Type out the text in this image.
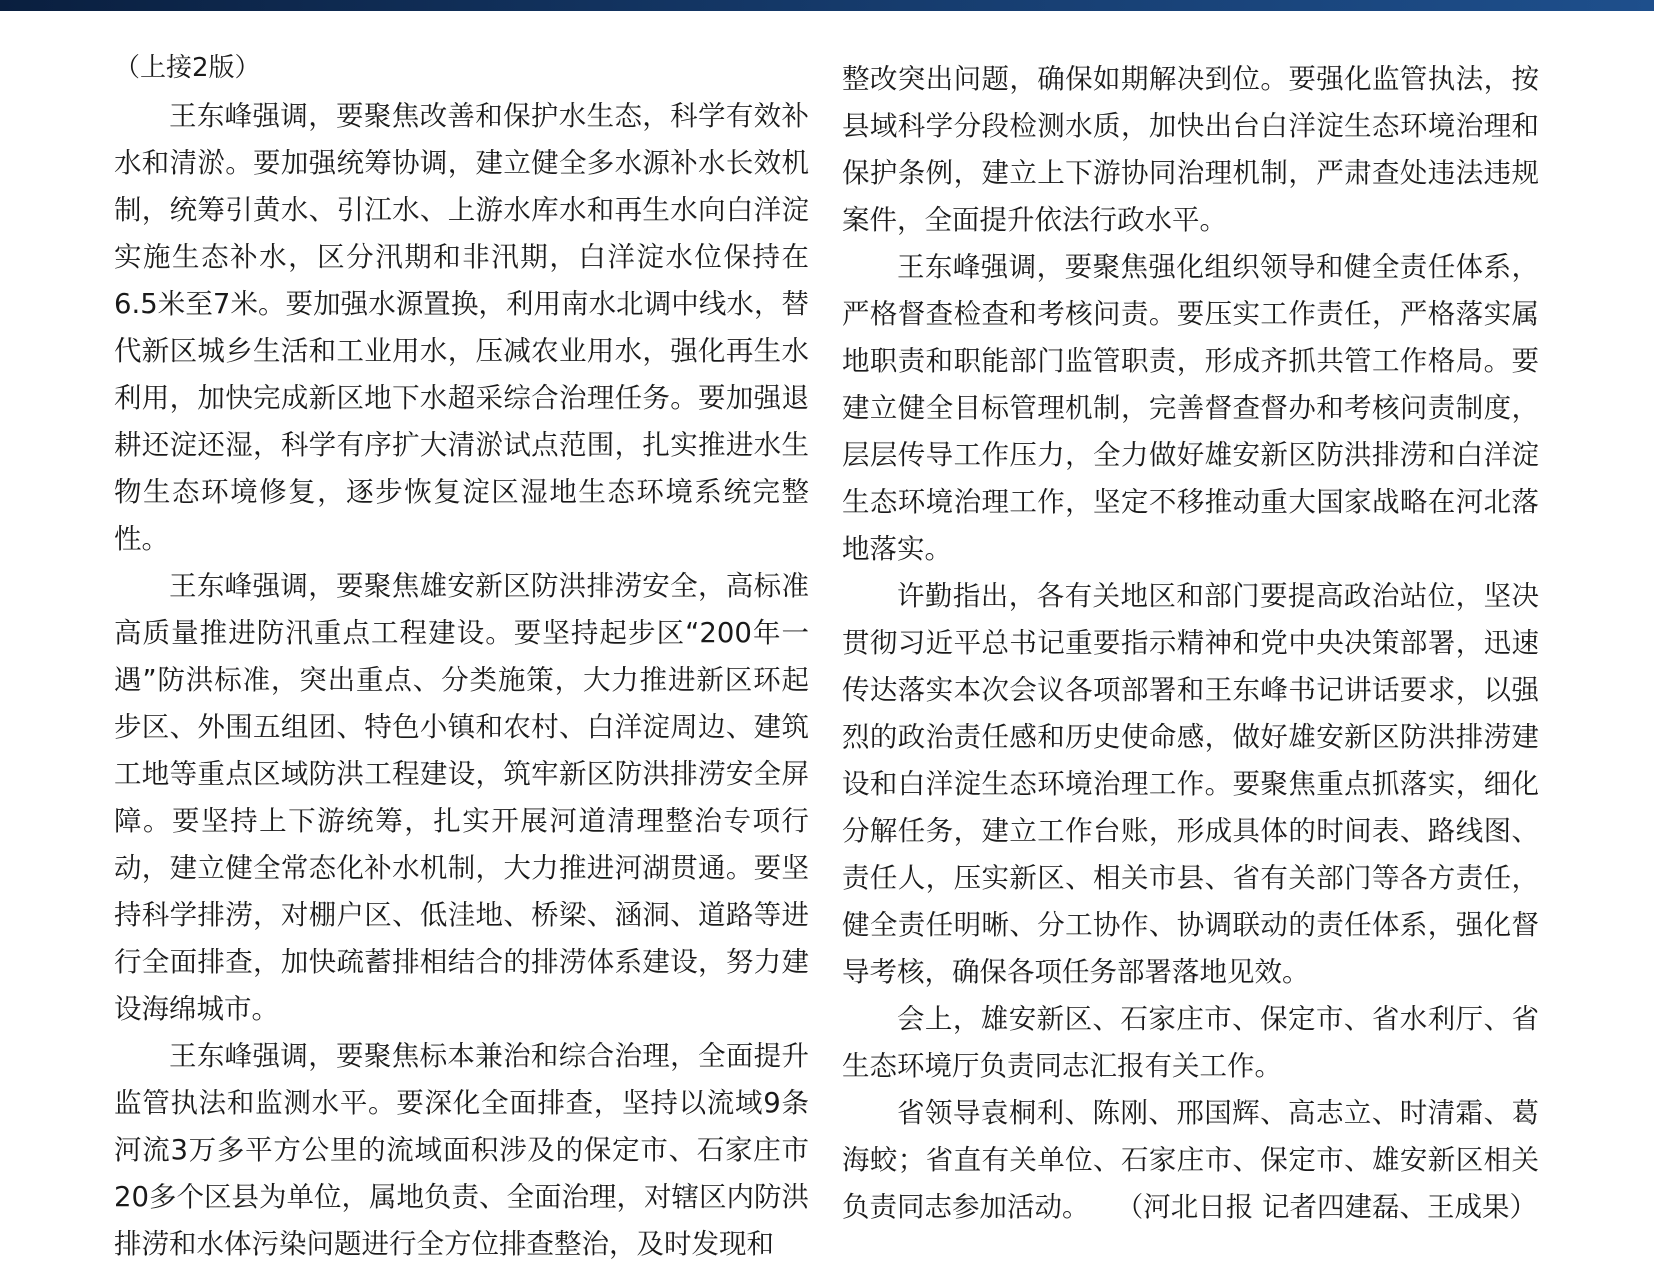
（上接2版）

王东峰强调，要聚焦改善和保护水生态，科学有效补水和清淤。要加强统筹协调，建立健全多水源补水长效机制，统筹引黄水、引江水、上游水库水和再生水向白洋淀实施生态补水，区分汛期和非汛期，白洋淀水位保持在6.5米至7米。要加强水源置换，利用南水北调中线水，替代新区城乡生活和工业用水，压减农业用水，强化再生水利用，加快完成新区地下水超采综合治理任务。要加强退耕还淀还湿，科学有序扩大清淤试点范围，扎实推进水生物生态环境修复，逐步恢复淀区湿地生态环境系统完整性。

王东峰强调，要聚焦雄安新区防洪排涝安全，高标准高质量推进防汛重点工程建设。要坚持起步区“200年一遇”防洪标准，突出重点、分类施策，大力推进新区环起步区、外围五组团、特色小镇和农村、白洋淀周边、建筑工地等重点区域防洪工程建设，筑牢新区防洪排涝安全屏障。要坚持上下游统筹，扎实开展河道清理整治专项行动，建立健全常态化补水机制，大力推进河湖贯通。要坚持科学排涝，对棚户区、低洼地、桥梁、涵洞、道路等进行全面排查，加快疏蓄排相结合的排涝体系建设，努力建设海绵城市。

王东峰强调，要聚焦标本兼治和综合治理，全面提升监管执法和监测水平。要深化全面排查，坚持以流域9条河流3万多平方公里的流域面积涉及的保定市、石家庄市20多个区县为单位，属地负责、全面治理，对辖区内防洪排涝和水体污染问题进行全方位排查整治，及时发现和

整改突出问题，确保如期解决到位。要强化监管执法，按县域科学分段检测水质，加快出台白洋淀生态环境治理和保护条例，建立上下游协同治理机制，严肃查处违法违规案件，全面提升依法行政水平。

王东峰强调，要聚焦强化组织领导和健全责任体系，严格督查检查和考核问责。要压实工作责任，严格落实属地职责和职能部门监管职责，形成齐抓共管工作格局。要建立健全目标管理机制，完善督查督办和考核问责制度，层层传导工作压力，全力做好雄安新区防洪排涝和白洋淀生态环境治理工作，坚定不移推动重大国家战略在河北落地落实。

许勤指出，各有关地区和部门要提高政治站位，坚决贯彻习近平总书记重要指示精神和党中央决策部署，迅速传达落实本次会议各项部署和王东峰书记讲话要求，以强烈的政治责任感和历史使命感，做好雄安新区防洪排涝建设和白洋淀生态环境治理工作。要聚焦重点抓落实，细化分解任务，建立工作台账，形成具体的时间表、路线图、责任人，压实新区、相关市县、省有关部门等各方责任，健全责任明晰、分工协作、协调联动的责任体系，强化督导考核，确保各项任务部署落地见效。

会上，雄安新区、石家庄市、保定市、省水利厅、省生态环境厅负责同志汇报有关工作。

省领导袁桐利、陈刚、邢国辉、高志立、时清霜、葛海蛟；省直有关单位、石家庄市、保定市、雄安新区相关负责同志参加活动。 （河北日报 记者四建磊、王成果）
